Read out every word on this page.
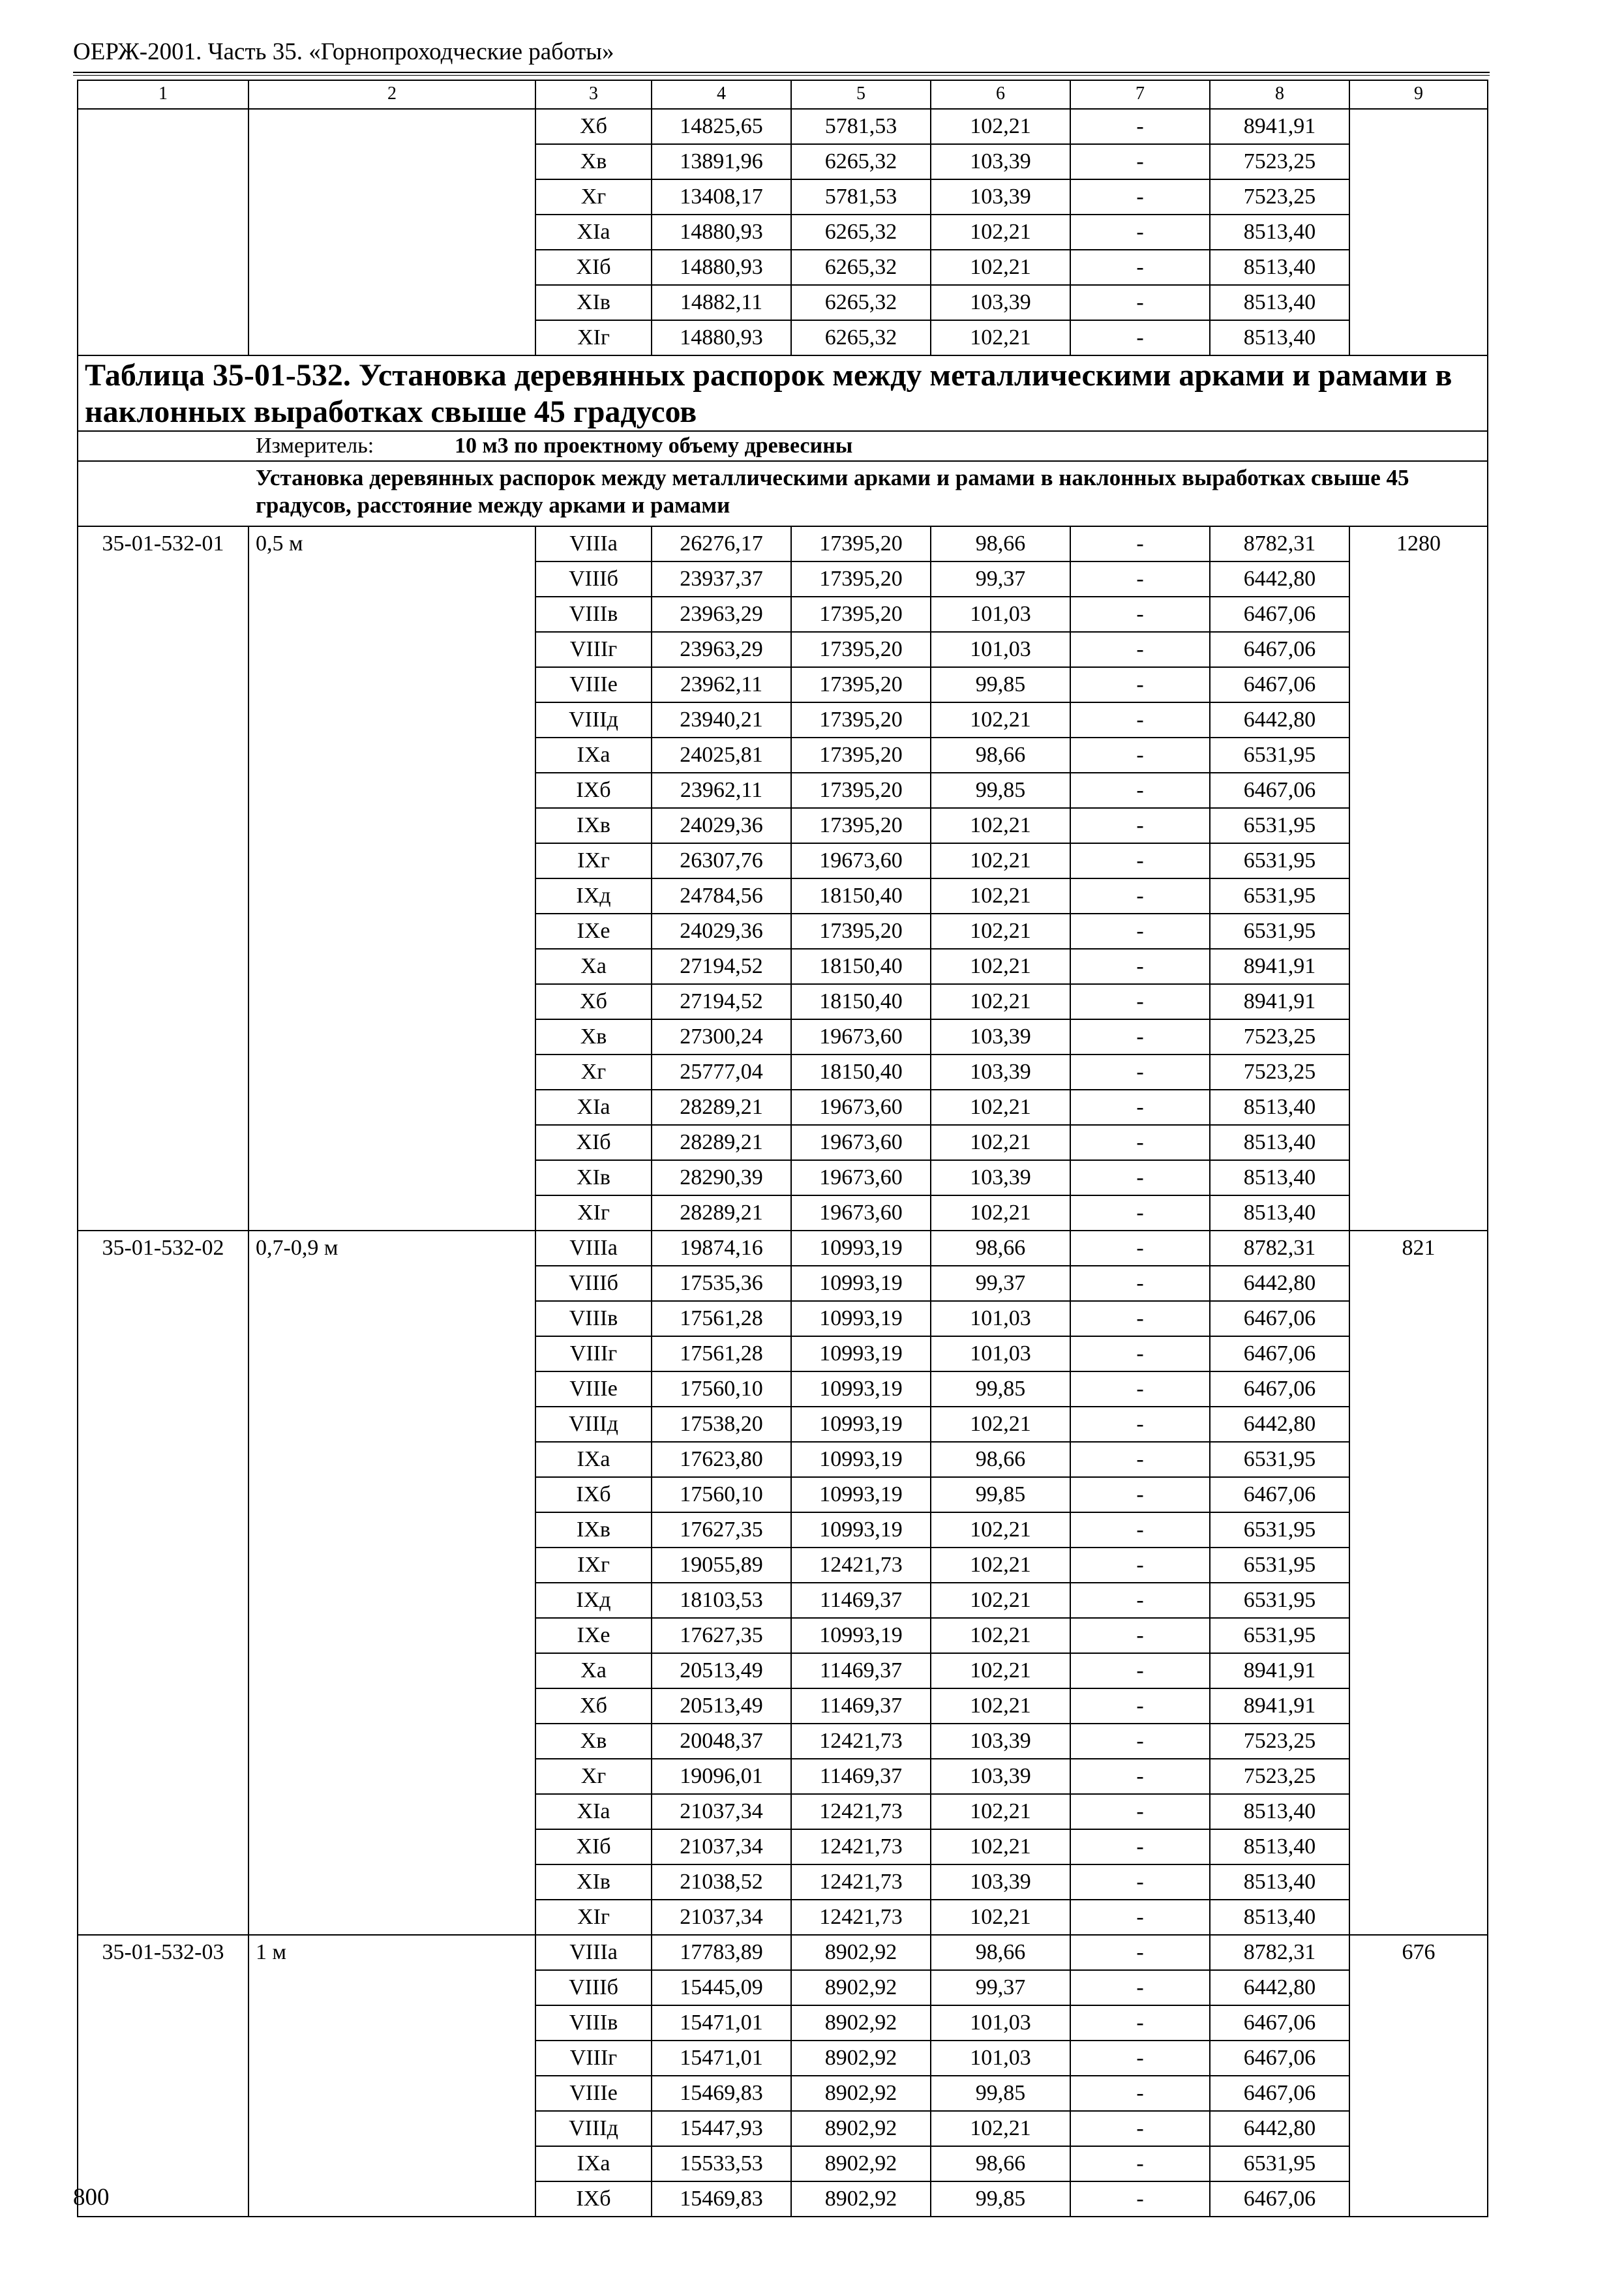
ОЕРЖ-2001. Часть 35. «Горнопроходческие работы»
1	2	3	4	5	6	7	8	9
		Xб	14825,65	5781,53	102,21	-	8941,91	
		Xв	13891,96	6265,32	103,39	-	7523,25	
		Xг	13408,17	5781,53	103,39	-	7523,25	
		XIа	14880,93	6265,32	102,21	-	8513,40	
		XIб	14880,93	6265,32	102,21	-	8513,40	
		XIв	14882,11	6265,32	103,39	-	8513,40	
		XIг	14880,93	6265,32	102,21	-	8513,40	
Таблица 35-01-532. Установка деревянных распорок между металлическими арками и рамами в наклонных выработках свыше 45 градусов								
Измеритель: 10 м3 по проектному объему древесины								
Установка деревянных распорок между металлическими арками и рамами в наклонных выработках свыше 45 градусов, расстояние между арками и рамами								
35-01-532-01	0,5 м	VIIIа	26276,17	17395,20	98,66	-	8782,31	1280
		VIIIб	23937,37	17395,20	99,37	-	6442,80	
		VIIIв	23963,29	17395,20	101,03	-	6467,06	
		VIIIг	23963,29	17395,20	101,03	-	6467,06	
		VIIIе	23962,11	17395,20	99,85	-	6467,06	
		VIIIд	23940,21	17395,20	102,21	-	6442,80	
		IXа	24025,81	17395,20	98,66	-	6531,95	
		IXб	23962,11	17395,20	99,85	-	6467,06	
		IXв	24029,36	17395,20	102,21	-	6531,95	
		IXг	26307,76	19673,60	102,21	-	6531,95	
		IXд	24784,56	18150,40	102,21	-	6531,95	
		IXе	24029,36	17395,20	102,21	-	6531,95	
		Xа	27194,52	18150,40	102,21	-	8941,91	
		Xб	27194,52	18150,40	102,21	-	8941,91	
		Xв	27300,24	19673,60	103,39	-	7523,25	
		Xг	25777,04	18150,40	103,39	-	7523,25	
		XIа	28289,21	19673,60	102,21	-	8513,40	
		XIб	28289,21	19673,60	102,21	-	8513,40	
		XIв	28290,39	19673,60	103,39	-	8513,40	
		XIг	28289,21	19673,60	102,21	-	8513,40	
35-01-532-02	0,7-0,9 м	VIIIа	19874,16	10993,19	98,66	-	8782,31	821
		VIIIб	17535,36	10993,19	99,37	-	6442,80	
		VIIIв	17561,28	10993,19	101,03	-	6467,06	
		VIIIг	17561,28	10993,19	101,03	-	6467,06	
		VIIIе	17560,10	10993,19	99,85	-	6467,06	
		VIIIд	17538,20	10993,19	102,21	-	6442,80	
		IXа	17623,80	10993,19	98,66	-	6531,95	
		IXб	17560,10	10993,19	99,85	-	6467,06	
		IXв	17627,35	10993,19	102,21	-	6531,95	
		IXг	19055,89	12421,73	102,21	-	6531,95	
		IXд	18103,53	11469,37	102,21	-	6531,95	
		IXе	17627,35	10993,19	102,21	-	6531,95	
		Xа	20513,49	11469,37	102,21	-	8941,91	
		Xб	20513,49	11469,37	102,21	-	8941,91	
		Xв	20048,37	12421,73	103,39	-	7523,25	
		Xг	19096,01	11469,37	103,39	-	7523,25	
		XIа	21037,34	12421,73	102,21	-	8513,40	
		XIб	21037,34	12421,73	102,21	-	8513,40	
		XIв	21038,52	12421,73	103,39	-	8513,40	
		XIг	21037,34	12421,73	102,21	-	8513,40	
35-01-532-03	1 м	VIIIа	17783,89	8902,92	98,66	-	8782,31	676
		VIIIб	15445,09	8902,92	99,37	-	6442,80	
		VIIIв	15471,01	8902,92	101,03	-	6467,06	
		VIIIг	15471,01	8902,92	101,03	-	6467,06	
		VIIIе	15469,83	8902,92	99,85	-	6467,06	
		VIIIд	15447,93	8902,92	102,21	-	6442,80	
		IXа	15533,53	8902,92	98,66	-	6531,95	
		IXб	15469,83	8902,92	99,85	-	6467,06	
800
